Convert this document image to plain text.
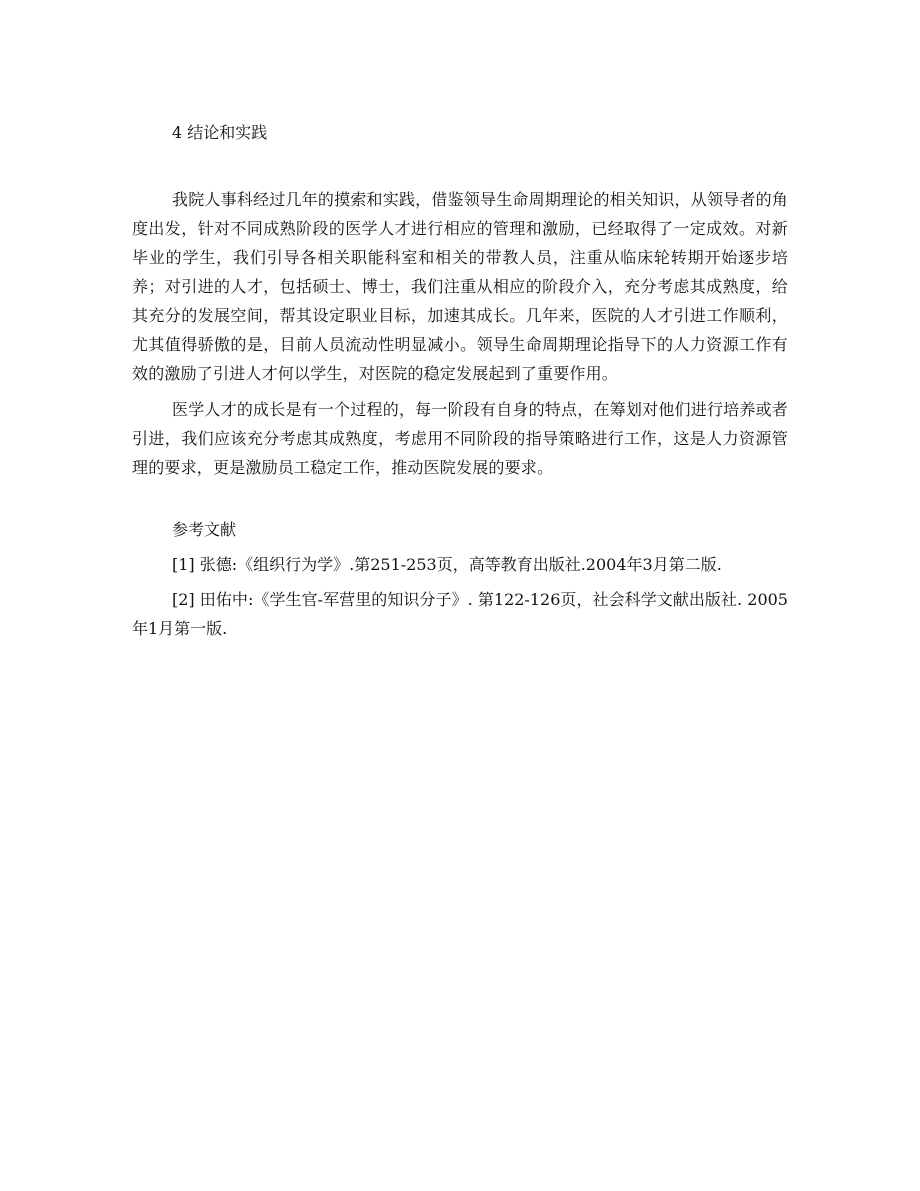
4 结论和实践

我院人事科经过几年的摸索和实践，借鉴领导生命周期理论的相关知识，从领导者的角度出发，针对不同成熟阶段的医学人才进行相应的管理和激励，已经取得了一定成效。对新毕业的学生，我们引导各相关职能科室和相关的带教人员，注重从临床轮转期开始逐步培养；对引进的人才，包括硕士、博士，我们注重从相应的阶段介入，充分考虑其成熟度，给其充分的发展空间，帮其设定职业目标，加速其成长。几年来，医院的人才引进工作顺利，尤其值得骄傲的是，目前人员流动性明显减小。领导生命周期理论指导下的人力资源工作有效的激励了引进人才何以学生，对医院的稳定发展起到了重要作用。

医学人才的成长是有一个过程的，每一阶段有自身的特点，在筹划对他们进行培养或者引进，我们应该充分考虑其成熟度，考虑用不同阶段的指导策略进行工作，这是人力资源管理的要求，更是激励员工稳定工作，推动医院发展的要求。

参考文献

[1] 张德:《组织行为学》.第251-253页，高等教育出版社.2004年3月第二版.

[2] 田佑中:《学生官-军营里的知识分子》. 第122-126页，社会科学文献出版社. 2005年1月第一版.
